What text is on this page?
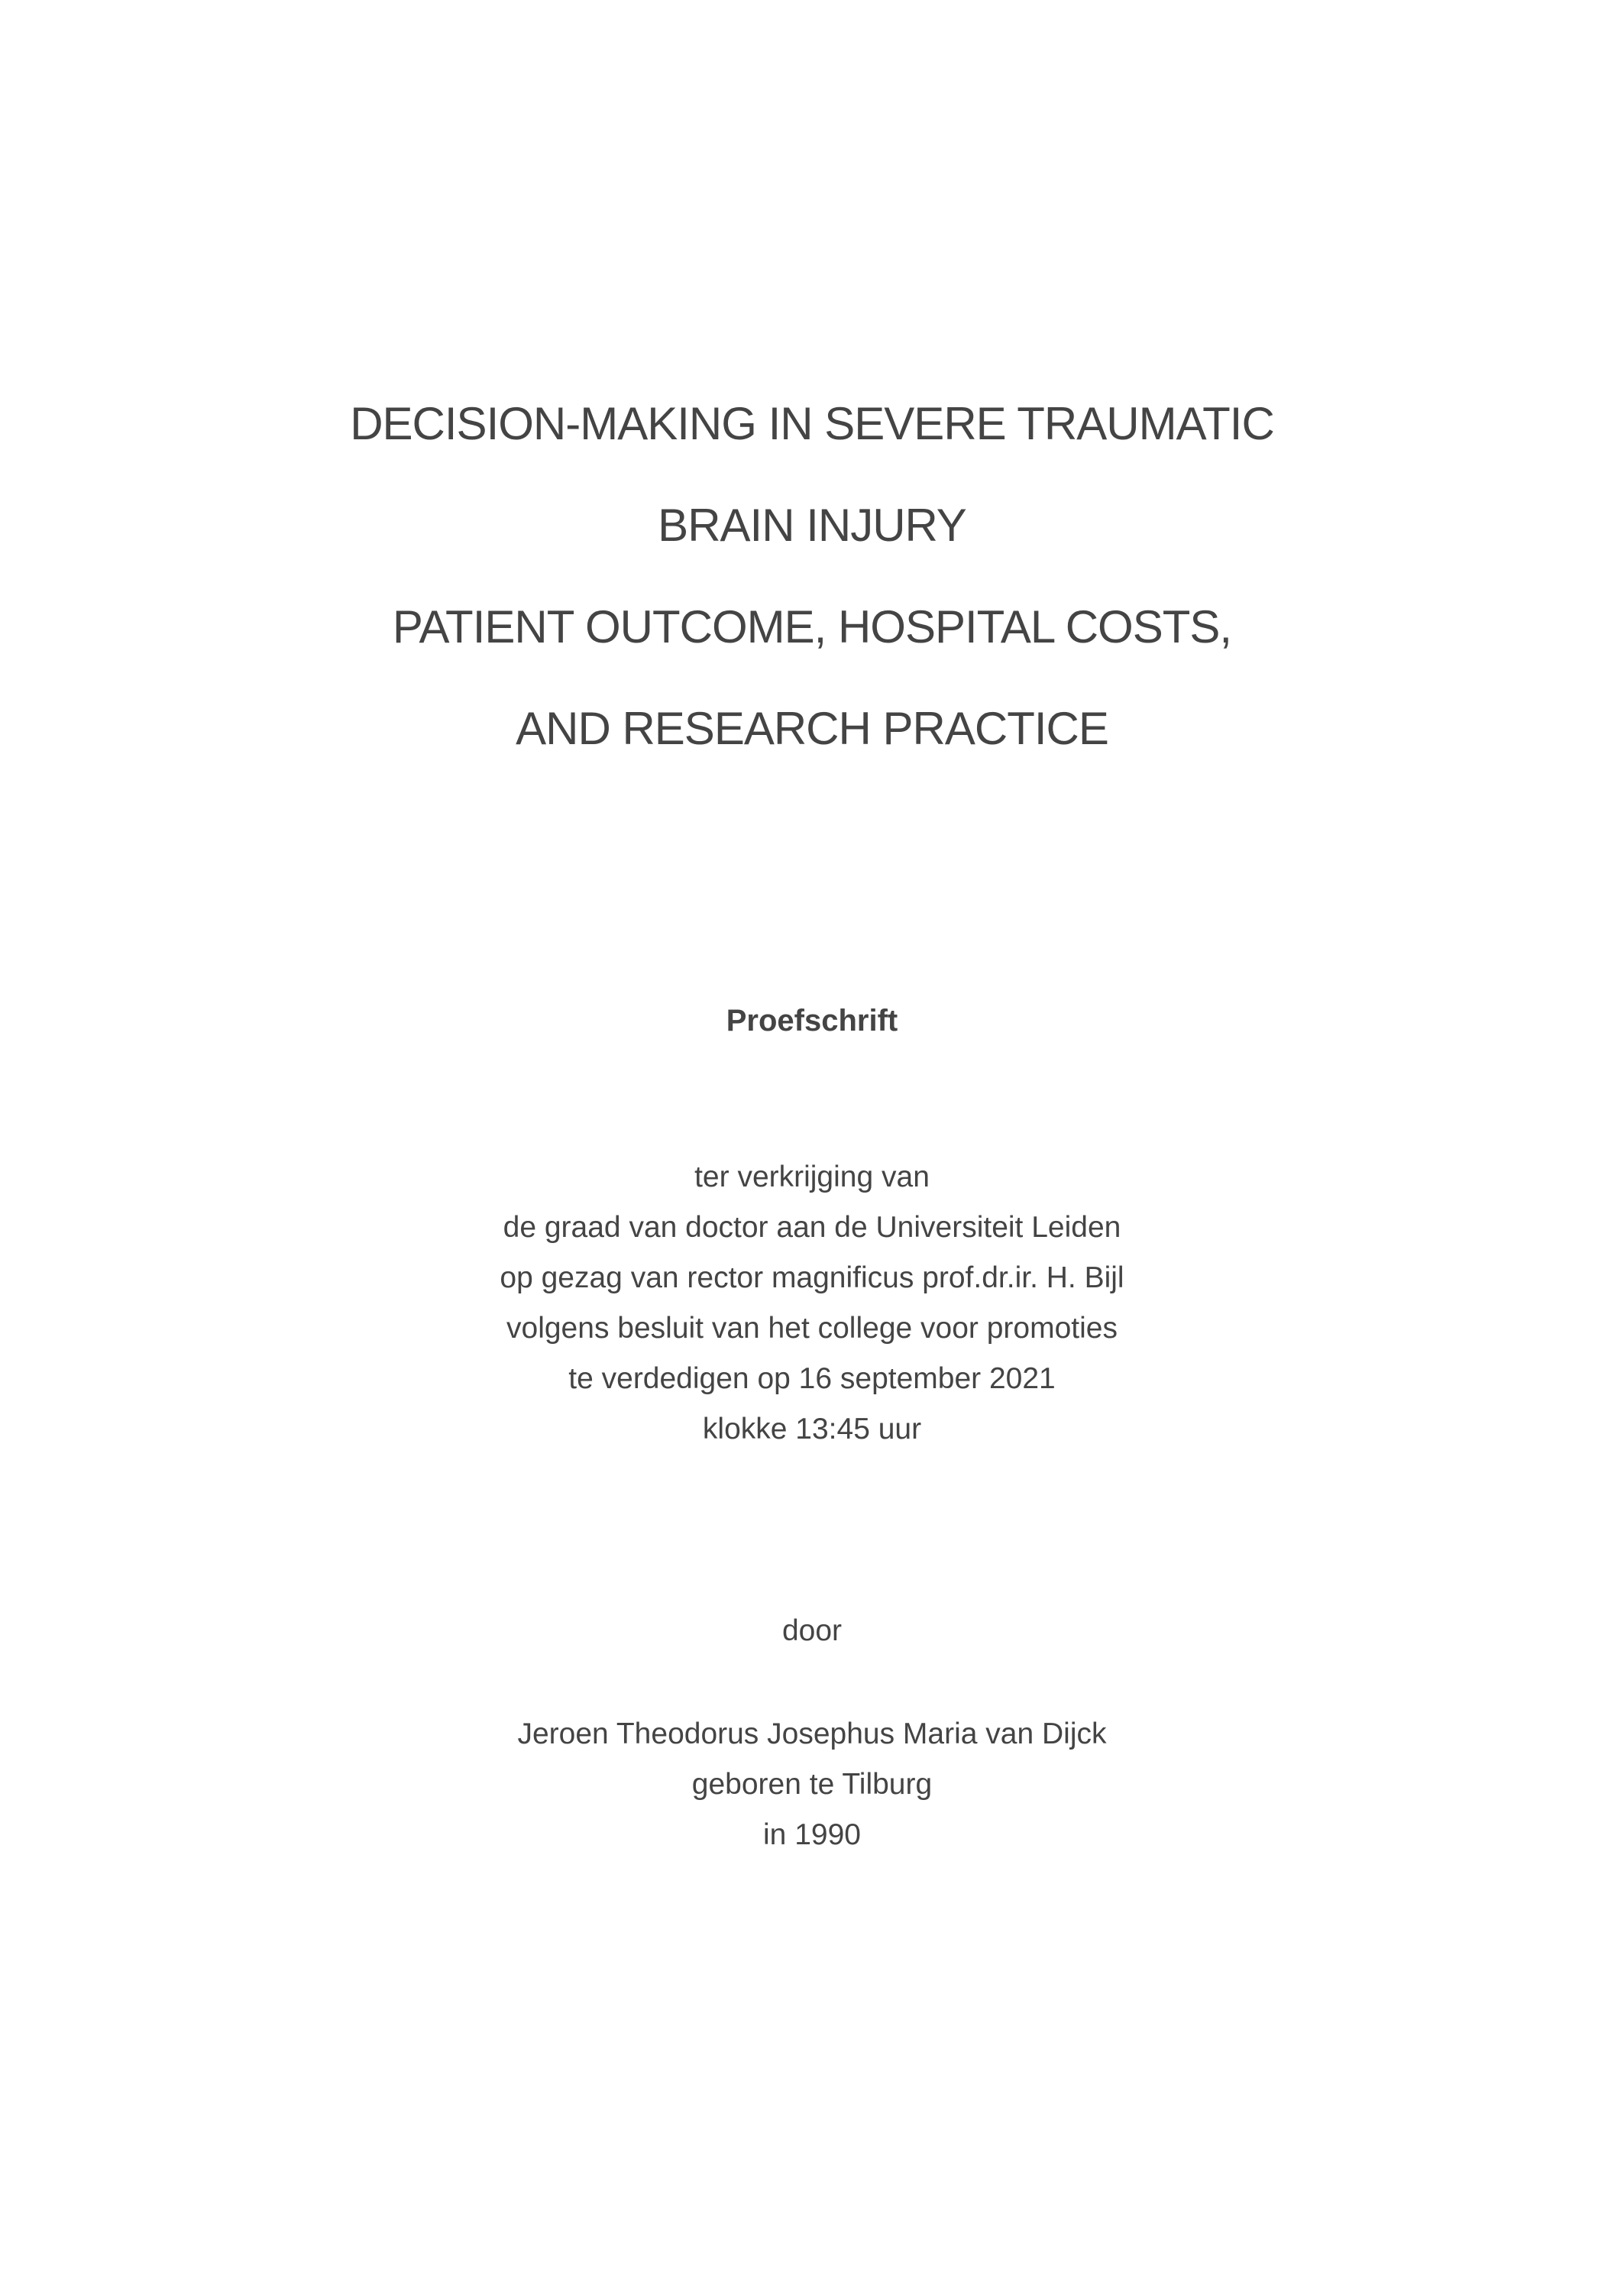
DECISION-MAKING IN SEVERE TRAUMATIC
BRAIN INJURY
PATIENT OUTCOME, HOSPITAL COSTS,
AND RESEARCH PRACTICE
Proefschrift
ter verkrijging van
de graad van doctor aan de Universiteit Leiden
op gezag van rector magnificus prof.dr.ir. H. Bijl
volgens besluit van het college voor promoties
te verdedigen op 16 september 2021
klokke 13:45 uur
door
Jeroen Theodorus Josephus Maria van Dijck
geboren te Tilburg
in 1990
